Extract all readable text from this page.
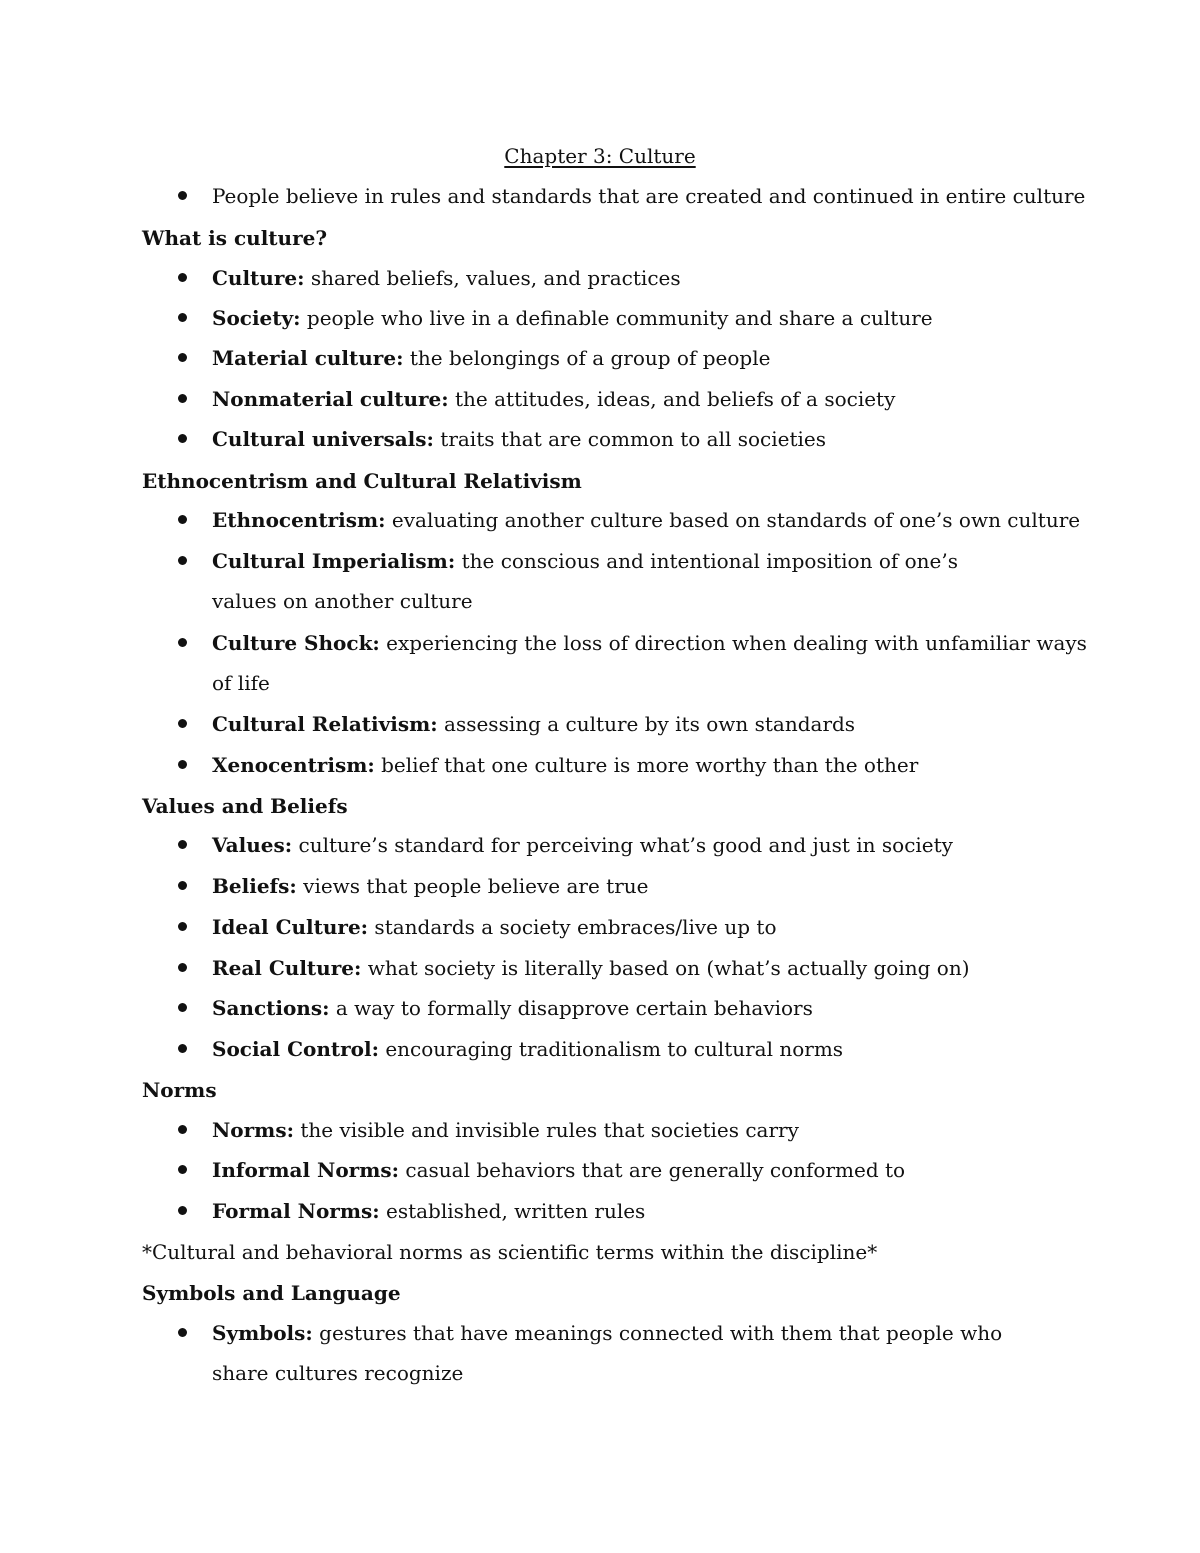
Chapter 3: Culture
People believe in rules and standards that are created and continued in entire culture
What is culture?
Culture: shared beliefs, values, and practices
Society: people who live in a definable community and share a culture
Material culture: the belongings of a group of people
Nonmaterial culture: the attitudes, ideas, and beliefs of a society
Cultural universals: traits that are common to all societies
Ethnocentrism and Cultural Relativism
Ethnocentrism: evaluating another culture based on standards of one’s own culture
Cultural Imperialism: the conscious and intentional imposition of one’s values on another culture
Culture Shock: experiencing the loss of direction when dealing with unfamiliar ways of life
Cultural Relativism: assessing a culture by its own standards
Xenocentrism: belief that one culture is more worthy than the other
Values and Beliefs
Values: culture’s standard for perceiving what’s good and just in society
Beliefs: views that people believe are true
Ideal Culture: standards a society embraces/live up to
Real Culture: what society is literally based on (what’s actually going on)
Sanctions: a way to formally disapprove certain behaviors
Social Control: encouraging traditionalism to cultural norms
Norms
Norms: the visible and invisible rules that societies carry
Informal Norms: casual behaviors that are generally conformed to
Formal Norms: established, written rules
*Cultural and behavioral norms as scientific terms within the discipline*
Symbols and Language
Symbols: gestures that have meanings connected with them that people who share cultures recognize
